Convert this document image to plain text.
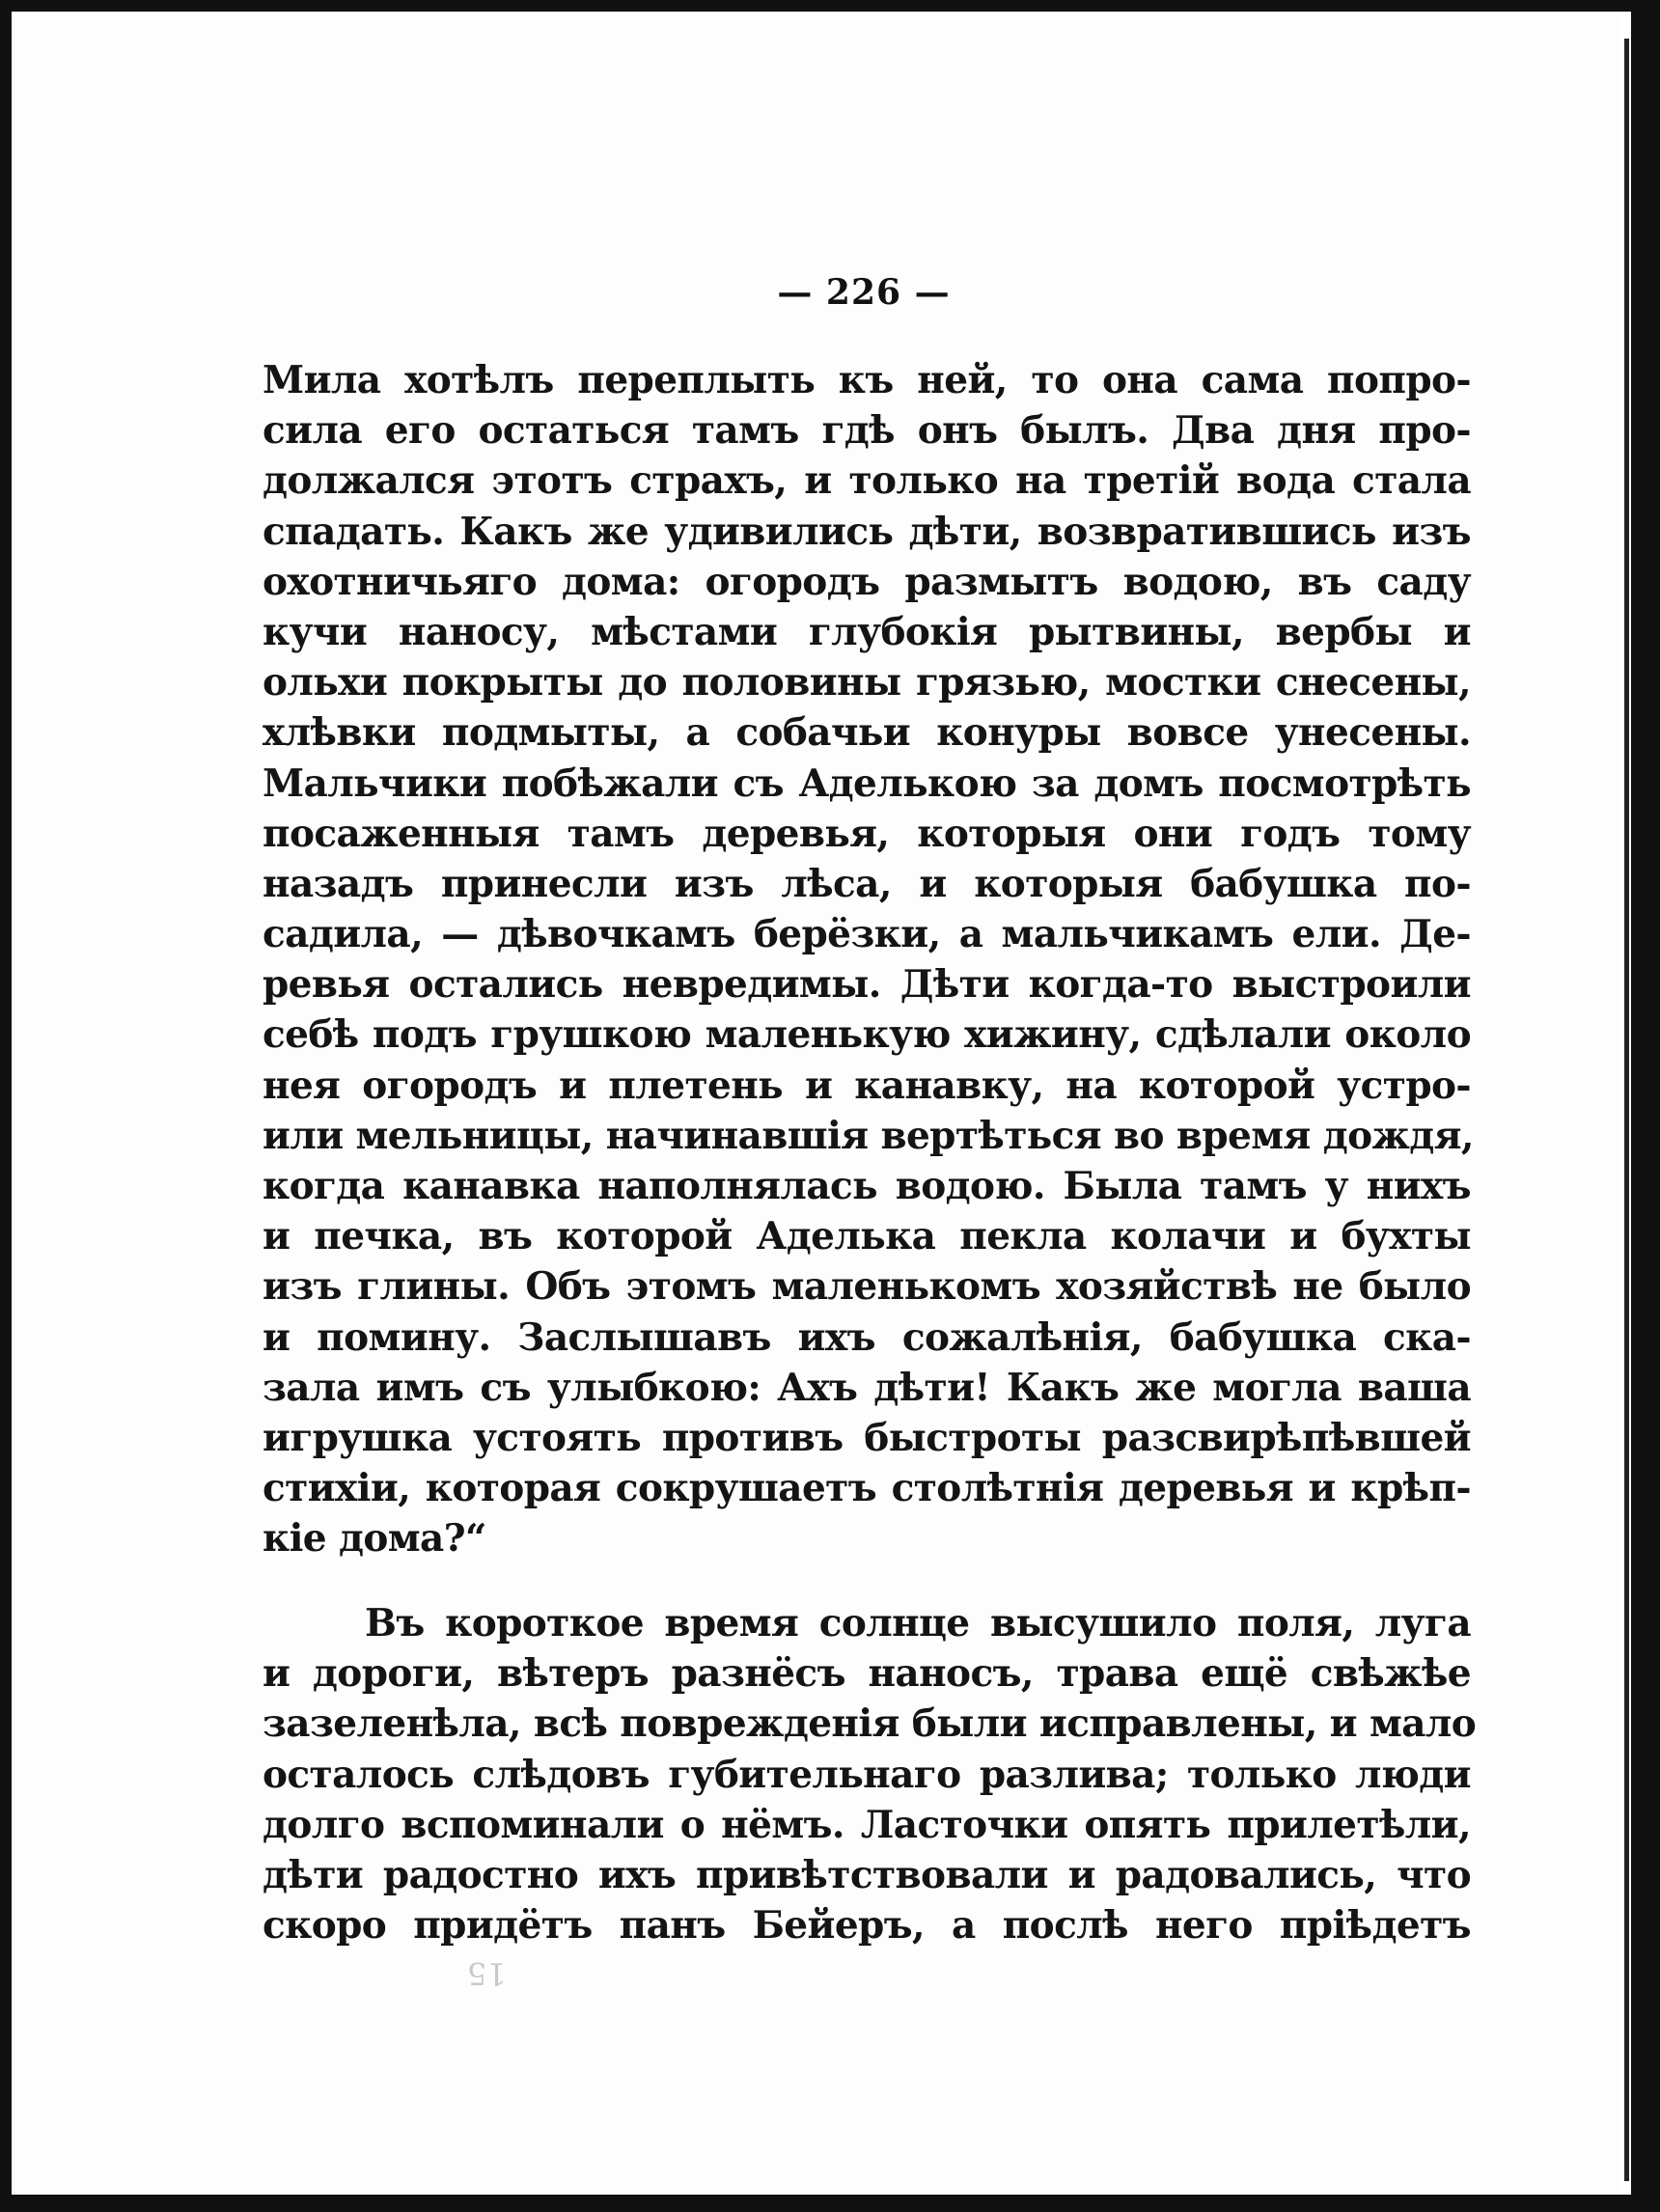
— 226 —
Мила хотѣлъ переплыть къ ней, то она сама попро-
сила его остаться тамъ гдѣ онъ былъ. Два дня про-
должался этотъ страхъ, и только на третій вода стала
спадать. Какъ же удивились дѣти, возвратившись изъ
охотничьяго дома: огородъ размытъ водою, въ саду
кучи наносу, мѣстами глубокія рытвины, вербы и
ольхи покрыты до половины грязью, мостки снесены,
хлѣвки подмыты, а собачьи конуры вовсе унесены.
Мальчики побѣжали съ Аделькою за домъ посмотрѣть
посаженныя тамъ деревья, которыя они годъ тому
назадъ принесли изъ лѣса, и которыя бабушка по-
садила, — дѣвочкамъ берёзки, а мальчикамъ ели. Де-
ревья остались невредимы. Дѣти когда-то выстроили
себѣ подъ грушкою маленькую хижину, сдѣлали около
нея огородъ и плетень и канавку, на которой устро-
или мельницы, начинавшія вертѣться во время дождя,
когда канавка наполнялась водою. Была тамъ у нихъ
и печка, въ которой Аделька пекла колачи и бухты
изъ глины. Объ этомъ маленькомъ хозяйствѣ не было
и помину. Заслышавъ ихъ сожалѣнія, бабушка ска-
зала имъ съ улыбкою: Ахъ дѣти! Какъ же могла ваша
игрушка устоять противъ быстроты разсвирѣпѣвшей
стихіи, которая сокрушаетъ столѣтнія деревья и крѣп-
кіе дома?“
Въ короткое время солнце высушило поля, луга
и дороги, вѣтеръ разнёсъ наносъ, трава ещё свѣжѣе
зазеленѣла, всѣ поврежденія были исправлены, и мало
осталось слѣдовъ губительнаго разлива; только люди
долго вспоминали о нёмъ. Ласточки опять прилетѣли,
дѣти радостно ихъ привѣтствовали и радовались, что
скоро придётъ панъ Бейеръ, а послѣ него пріѣдетъ
15
